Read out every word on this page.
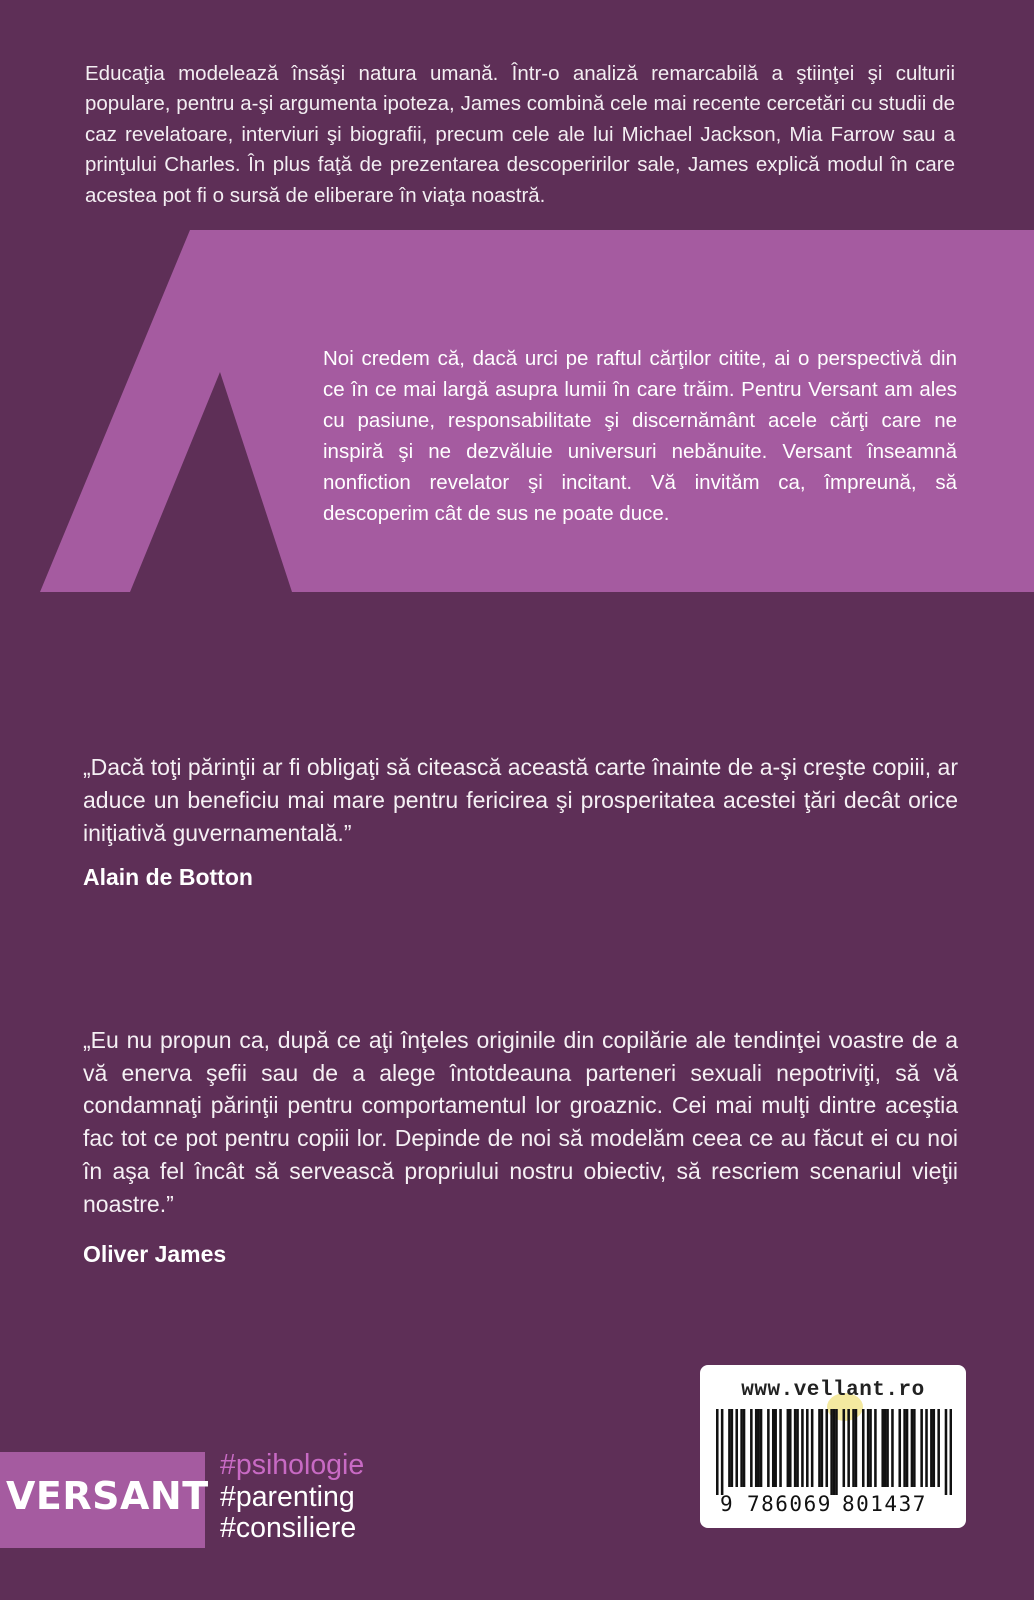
Educaţia modelează însăşi natura umană. Într-o analiză remarcabilă a ştiinţei şi culturii populare, pentru a-şi argumenta ipoteza, James combină cele mai recente cercetări cu studii de caz revelatoare, interviuri şi biografii, precum cele ale lui Michael Jackson, Mia Farrow sau a prinţului Charles. În plus faţă de prezentarea descoperirilor sale, James explică modul în care acestea pot fi o sursă de eliberare în viaţa noastră.

Noi credem că, dacă urci pe raftul cărţilor citite, ai o perspectivă din ce în ce mai largă asupra lumii în care trăim. Pentru Versant am ales cu pasiune, responsabilitate şi discernământ acele cărţi care ne inspiră şi ne dezvăluie universuri nebănuite. Versant înseamnă nonfiction revelator şi incitant. Vă invităm ca, împreună, să descoperim cât de sus ne poate duce.

„Dacă toţi părinţii ar fi obligaţi să citească această carte înainte de a-şi creşte copiii, ar aduce un beneficiu mai mare pentru fericirea şi prosperitatea acestei ţări decât orice iniţiativă guvernamentală.”

Alain de Botton

„Eu nu propun ca, după ce aţi înţeles originile din copilărie ale tendinţei voastre de a vă enerva şefii sau de a alege întotdeauna parteneri sexuali nepotriviţi, să vă condamnaţi părinţii pentru comportamentul lor groaznic. Cei mai mulţi dintre aceştia fac tot ce pot pentru copiii lor. Depinde de noi să modelăm ceea ce au făcut ei cu noi în aşa fel încât să servească propriului nostru obiectiv, să rescriem scenariul vieţii noastre.”

Oliver James
www.vellant.ro
9 786069 801437
VERSANT
#psihologie
#parenting
#consiliere
